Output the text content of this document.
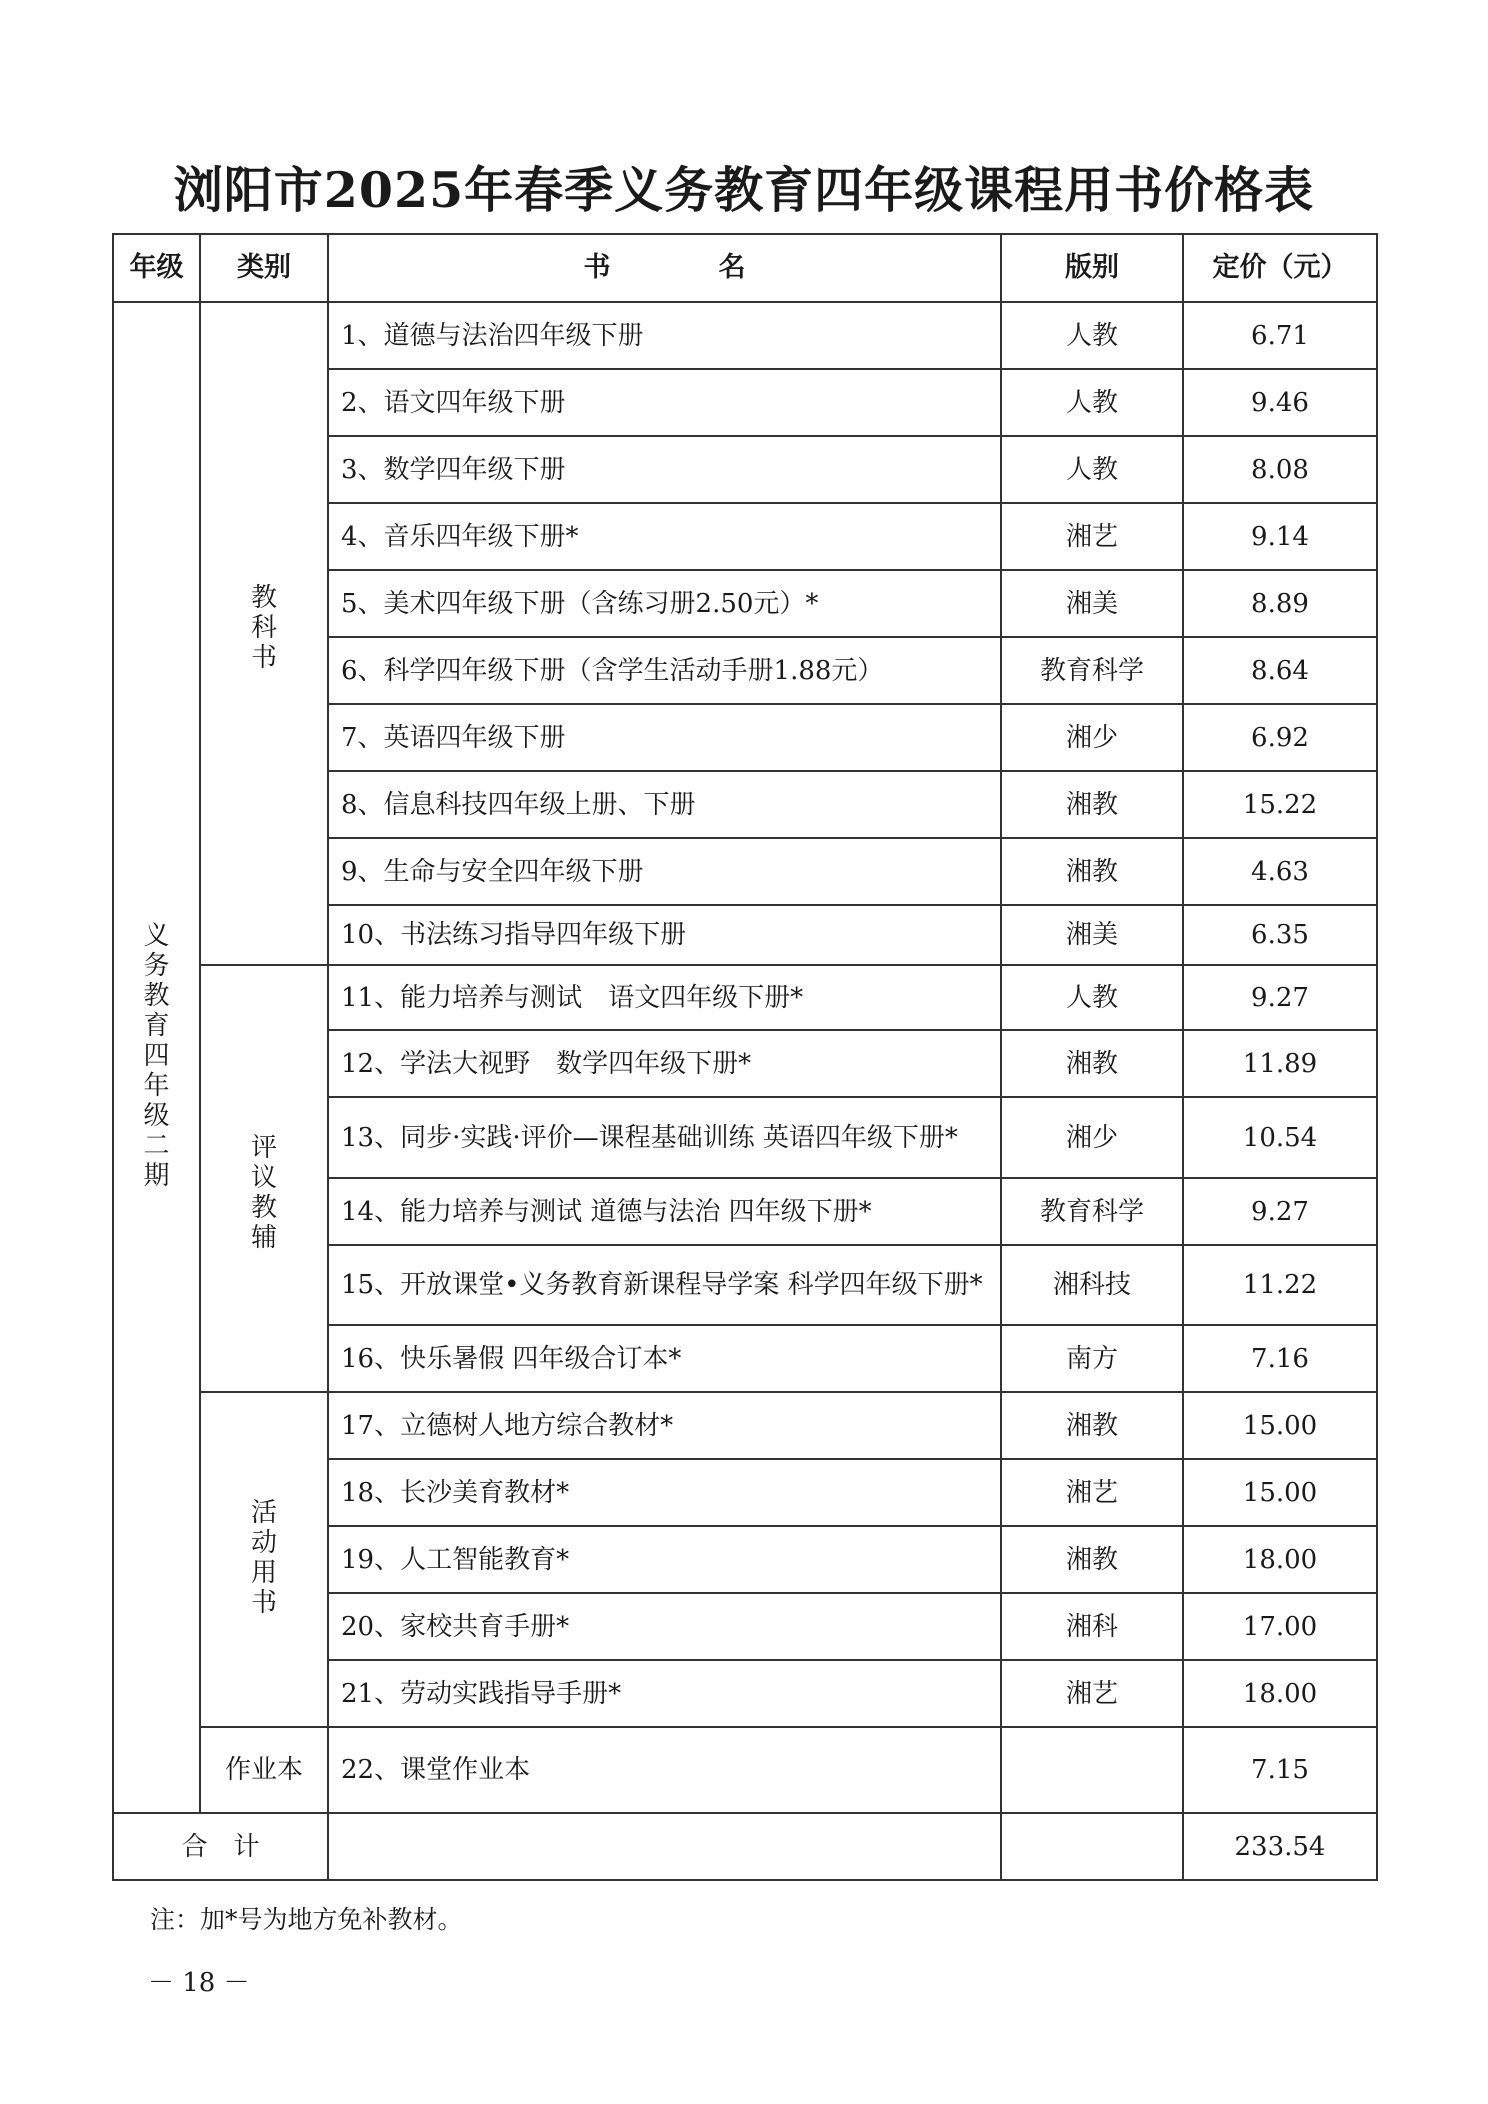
浏阳市2025年春季义务教育四年级课程用书价格表
年级	类别	书　　　　名	版别	定价（元）
义务教育四年级二期	教科书	1、道德与法治四年级下册	人教	6.71
		2、语文四年级下册	人教	9.46
		3、数学四年级下册	人教	8.08
		4、音乐四年级下册*	湘艺	9.14
		5、美术四年级下册（含练习册2.50元）*	湘美	8.89
		6、科学四年级下册（含学生活动手册1.88元）	教育科学	8.64
		7、英语四年级下册	湘少	6.92
		8、信息科技四年级上册、下册	湘教	15.22
		9、生命与安全四年级下册	湘教	4.63
		10、书法练习指导四年级下册	湘美	6.35
	评议教辅	11、能力培养与测试　语文四年级下册*	人教	9.27
		12、学法大视野　数学四年级下册*	湘教	11.89
		13、同步·实践·评价—课程基础训练 英语四年级下册*	湘少	10.54
		14、能力培养与测试 道德与法治 四年级下册*	教育科学	9.27
		15、开放课堂•义务教育新课程导学案 科学四年级下册*	湘科技	11.22
		16、快乐暑假 四年级合订本*	南方	7.16
	活动用书	17、立德树人地方综合教材*	湘教	15.00
		18、长沙美育教材*	湘艺	15.00
		19、人工智能教育*	湘教	18.00
		20、家校共育手册*	湘科	17.00
		21、劳动实践指导手册*	湘艺	18.00
	作业本	22、课堂作业本		7.15
合　计				233.54
注：加*号为地方免补教材。
－ 18 －
